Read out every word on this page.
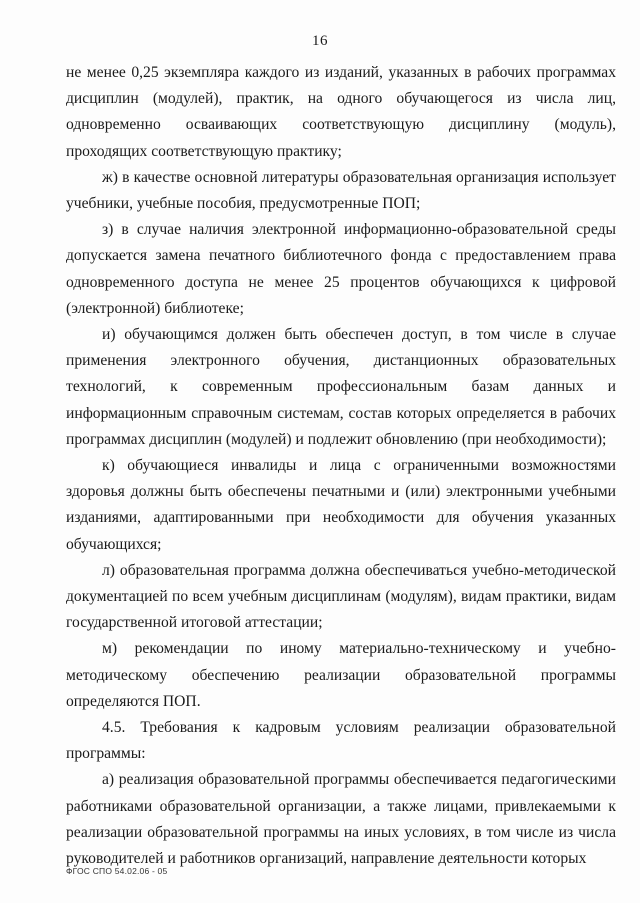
16

не менее 0,25 экземпляра каждого из изданий, указанных в рабочих программах дисциплин (модулей), практик, на одного обучающегося из числа лиц, одновременно осваивающих соответствующую дисциплину (модуль), проходящих соответствующую практику;

ж) в качестве основной литературы образовательная организация использует учебники, учебные пособия, предусмотренные ПОП;

з) в случае наличия электронной информационно-образовательной среды допускается замена печатного библиотечного фонда с предоставлением права одновременного доступа не менее 25 процентов обучающихся к цифровой (электронной) библиотеке;

и) обучающимся должен быть обеспечен доступ, в том числе в случае применения электронного обучения, дистанционных образовательных технологий, к современным профессиональным базам данных и информационным справочным системам, состав которых определяется в рабочих программах дисциплин (модулей) и подлежит обновлению (при необходимости);

к) обучающиеся инвалиды и лица с ограниченными возможностями здоровья должны быть обеспечены печатными и (или) электронными учебными изданиями, адаптированными при необходимости для обучения указанных обучающихся;

л) образовательная программа должна обеспечиваться учебно-методической документацией по всем учебным дисциплинам (модулям), видам практики, видам государственной итоговой аттестации;

м) рекомендации по иному материально-техническому и учебно-методическому обеспечению реализации образовательной программы определяются ПОП.

4.5. Требования к кадровым условиям реализации образовательной программы:

а) реализация образовательной программы обеспечивается педагогическими работниками образовательной организации, а также лицами, привлекаемыми к реализации образовательной программы на иных условиях, в том числе из числа руководителей и работников организаций, направление деятельности которых

ФГОС СПО 54.02.06 - 05
